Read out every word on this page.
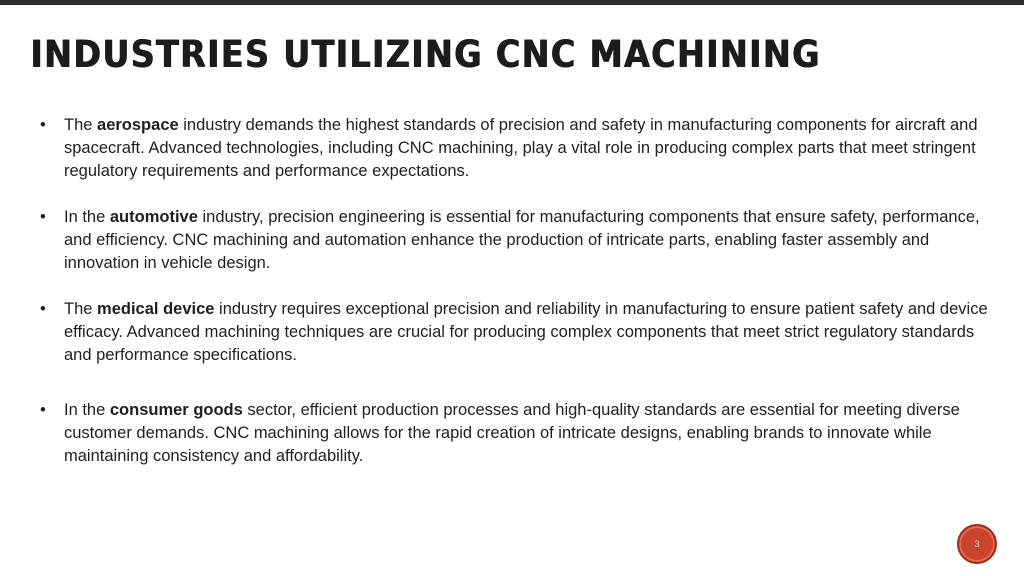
INDUSTRIES UTILIZING CNC MACHINING
• The aerospace industry demands the highest standards of precision and safety in manufacturing components for aircraft and spacecraft. Advanced technologies, including CNC machining, play a vital role in producing complex parts that meet stringent regulatory requirements and performance expectations.
• In the automotive industry, precision engineering is essential for manufacturing components that ensure safety, performance, and efficiency. CNC machining and automation enhance the production of intricate parts, enabling faster assembly and innovation in vehicle design.
• The medical device industry requires exceptional precision and reliability in manufacturing to ensure patient safety and device efficacy. Advanced machining techniques are crucial for producing complex components that meet strict regulatory standards and performance specifications.
• In the consumer goods sector, efficient production processes and high-quality standards are essential for meeting diverse customer demands. CNC machining allows for the rapid creation of intricate designs, enabling brands to innovate while maintaining consistency and affordability.
3
